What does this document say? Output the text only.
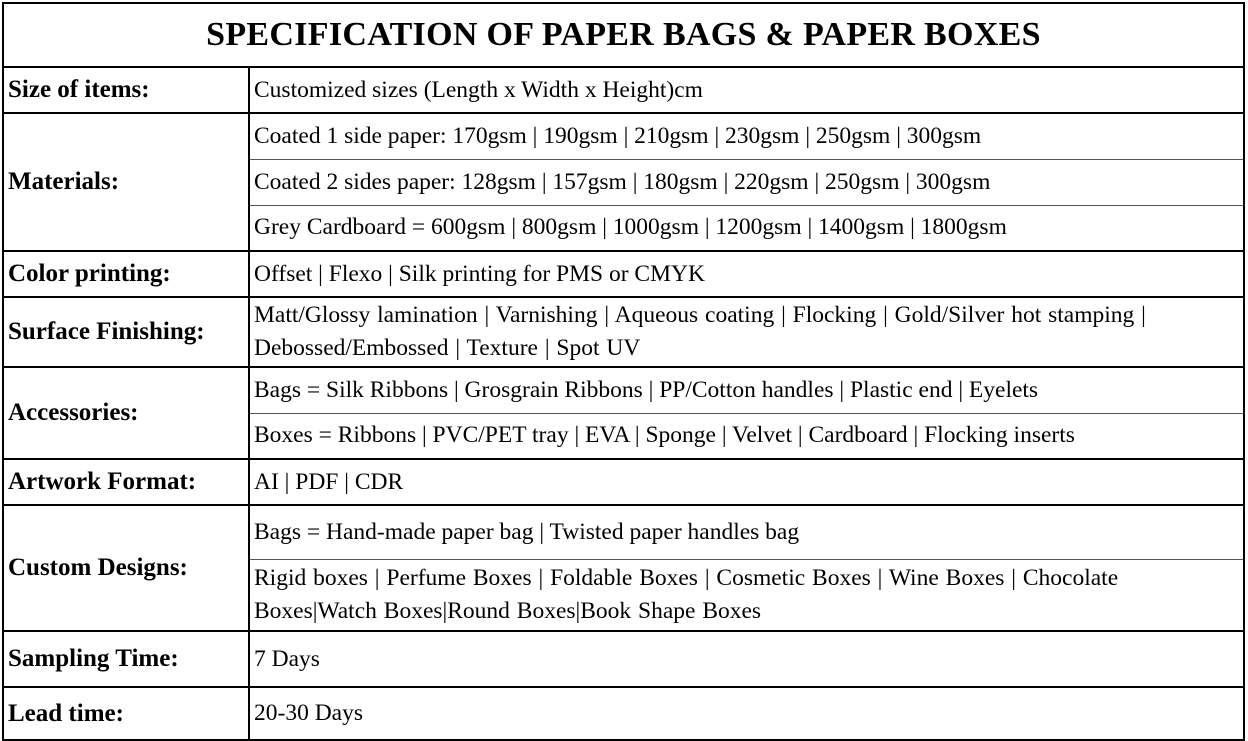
SPECIFICATION OF PAPER BAGS & PAPER BOXES	
Size of items:	Customized sizes (Length x Width x Height)cm
Materials:	Coated 1 side paper: 170gsm | 190gsm | 210gsm | 230gsm | 250gsm | 300gsm
	Coated 2 sides paper: 128gsm | 157gsm | 180gsm | 220gsm | 250gsm | 300gsm
	Grey Cardboard = 600gsm | 800gsm | 1000gsm | 1200gsm | 1400gsm | 1800gsm
Color printing:	Offset | Flexo | Silk printing for PMS or CMYK
Surface Finishing:	Matt/Glossy lamination | Varnishing | Aqueous coating | Flocking | Gold/Silver hot stamping | Debossed/Embossed | Texture | Spot UV
Accessories:	Bags = Silk Ribbons | Grosgrain Ribbons | PP/Cotton handles | Plastic end | Eyelets
	Boxes = Ribbons | PVC/PET tray | EVA | Sponge | Velvet | Cardboard | Flocking inserts
Artwork Format:	AI | PDF | CDR
Custom Designs:	Bags = Hand-made paper bag | Twisted paper handles bag
	Rigid boxes | Perfume Boxes | Foldable Boxes | Cosmetic Boxes | Wine Boxes | Chocolate Boxes|Watch Boxes|Round Boxes|Book Shape Boxes
Sampling Time:	7 Days
Lead time:	20-30 Days
